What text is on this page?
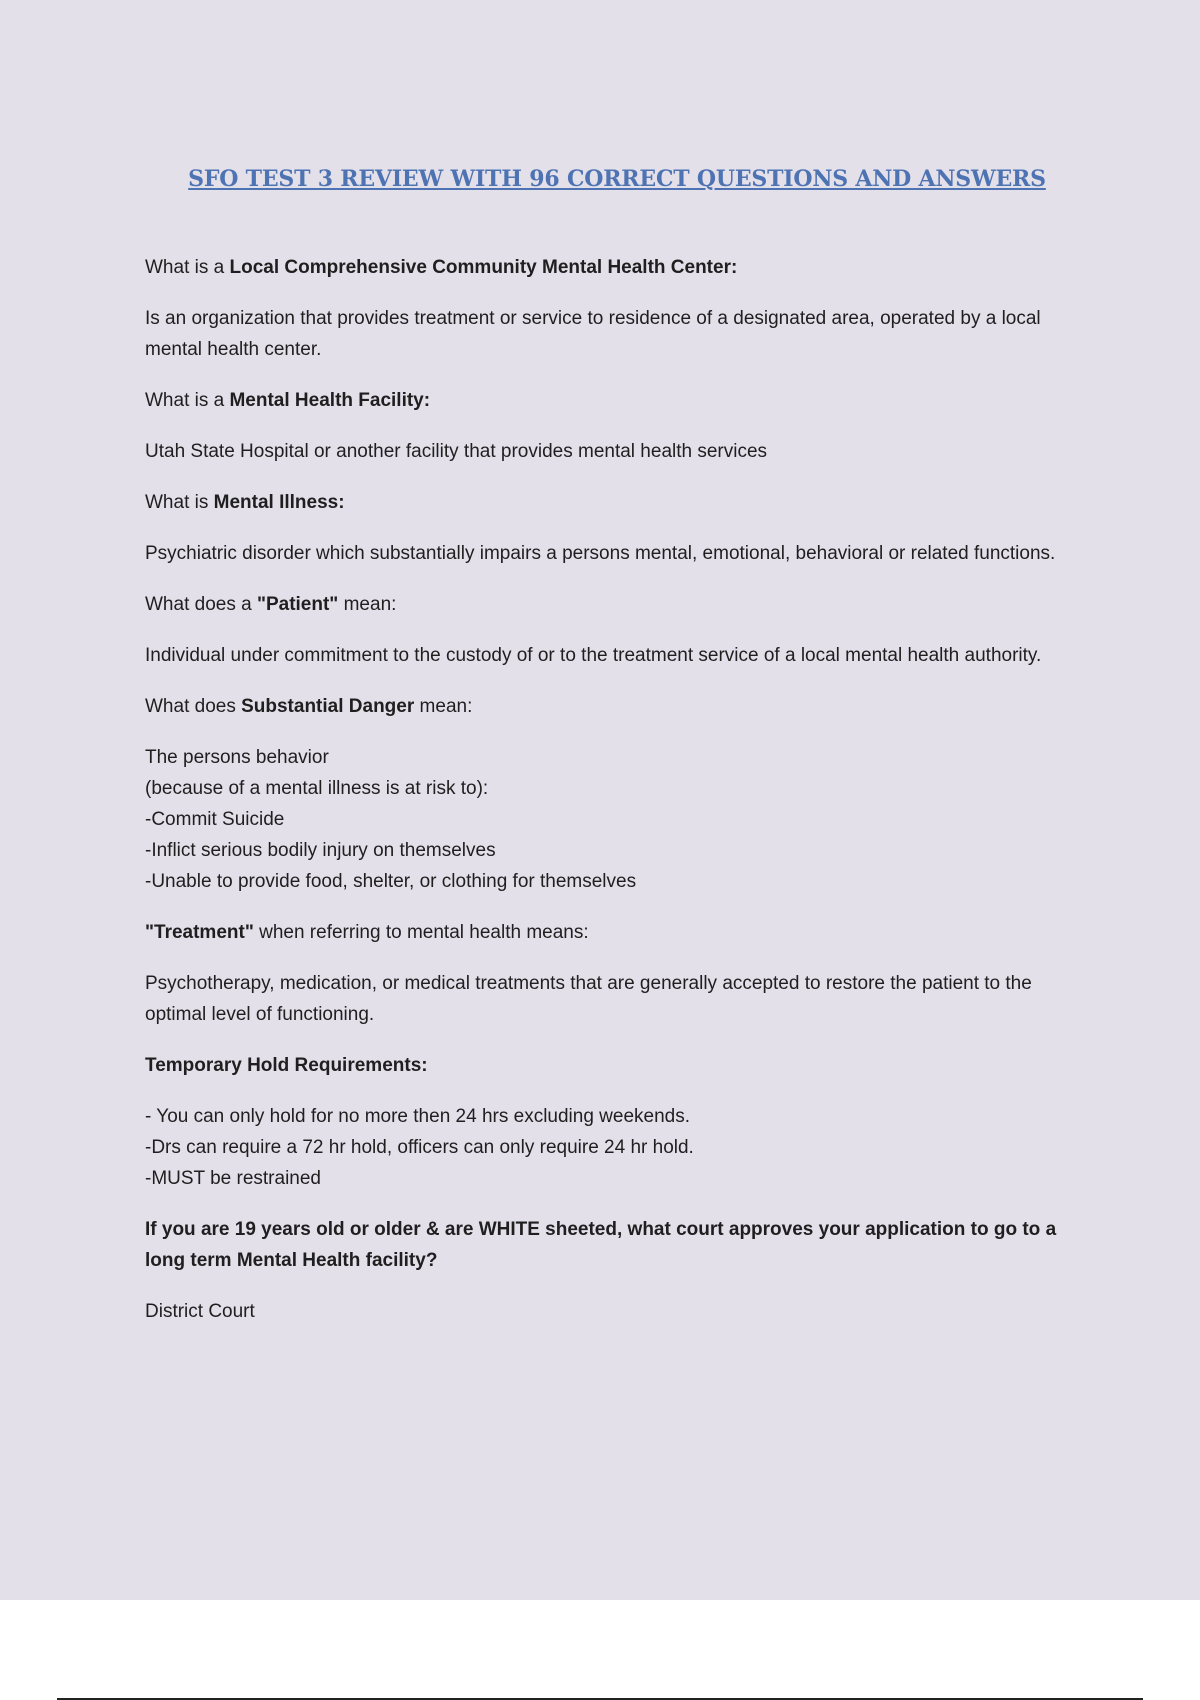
SFO TEST 3 REVIEW WITH 96 CORRECT QUESTIONS AND ANSWERS

What is a Local Comprehensive Community Mental Health Center:

Is an organization that provides treatment or service to residence of a designated area, operated by a local mental health center.

What is a Mental Health Facility:

Utah State Hospital or another facility that provides mental health services

What is Mental Illness:

Psychiatric disorder which substantially impairs a persons mental, emotional, behavioral or related functions.

What does a "Patient" mean:

Individual under commitment to the custody of or to the treatment service of a local mental health authority.

What does Substantial Danger mean:

The persons behavior
(because of a mental illness is at risk to):
-Commit Suicide
-Inflict serious bodily injury on themselves
-Unable to provide food, shelter, or clothing for themselves

"Treatment" when referring to mental health means:

Psychotherapy, medication, or medical treatments that are generally accepted to restore the patient to the optimal level of functioning.

Temporary Hold Requirements:

- You can only hold for no more then 24 hrs excluding weekends.
-Drs can require a 72 hr hold, officers can only require 24 hr hold.
-MUST be restrained

If you are 19 years old or older & are WHITE sheeted, what court approves your application to go to a long term Mental Health facility?

District Court
